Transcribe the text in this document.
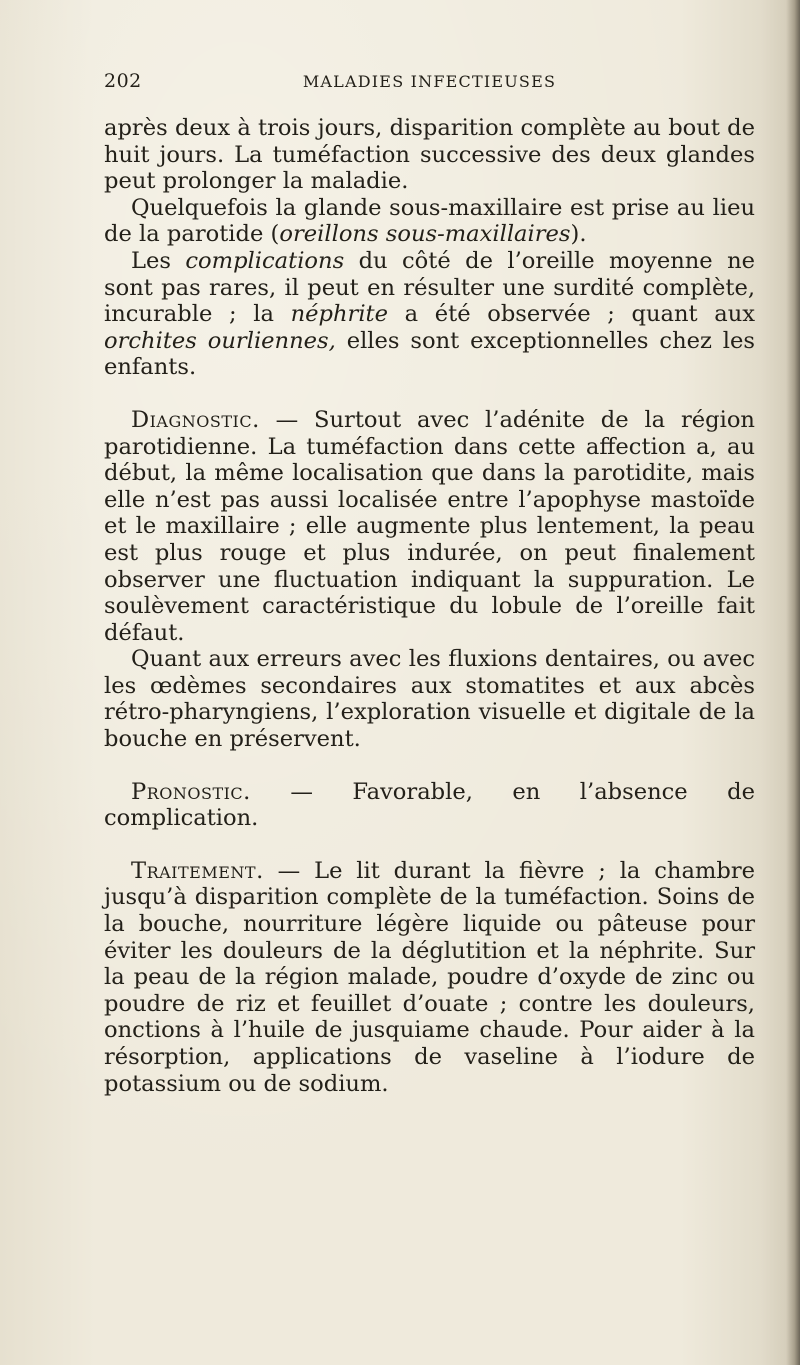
202	MALADIES INFECTIEUSES

après deux à trois jours, disparition complète au bout de huit jours. La tuméfaction successive des deux glandes peut prolonger la maladie.

Quelquefois la glande sous-maxillaire est prise au lieu de la parotide (oreillons sous-maxillaires).

Les complications du côté de l’oreille moyenne ne sont pas rares, il peut en résulter une surdité complète, incurable ; la néphrite a été observée ; quant aux orchites ourliennes, elles sont exceptionnelles chez les enfants.

Diagnostic. — Surtout avec l’adénite de la région parotidienne. La tuméfaction dans cette affection a, au début, la même localisation que dans la parotidite, mais elle n’est pas aussi localisée entre l’apophyse mastoïde et le maxillaire ; elle augmente plus lentement, la peau est plus rouge et plus indurée, on peut finalement observer une fluctuation indiquant la suppuration. Le soulèvement caractéristique du lobule de l’oreille fait défaut.

Quant aux erreurs avec les fluxions dentaires, ou avec les œdèmes secondaires aux stomatites et aux abcès rétro-pharyngiens, l’exploration visuelle et digitale de la bouche en préservent.

Pronostic. — Favorable, en l’absence de complication.

Traitement. — Le lit durant la fièvre ; la chambre jusqu’à disparition complète de la tuméfaction. Soins de la bouche, nourriture légère liquide ou pâteuse pour éviter les douleurs de la déglutition et la néphrite. Sur la peau de la région malade, poudre d’oxyde de zinc ou poudre de riz et feuillet d’ouate ; contre les douleurs, onctions à l’huile de jusquiame chaude. Pour aider à la résorption, applications de vaseline à l’iodure de potassium ou de sodium.
